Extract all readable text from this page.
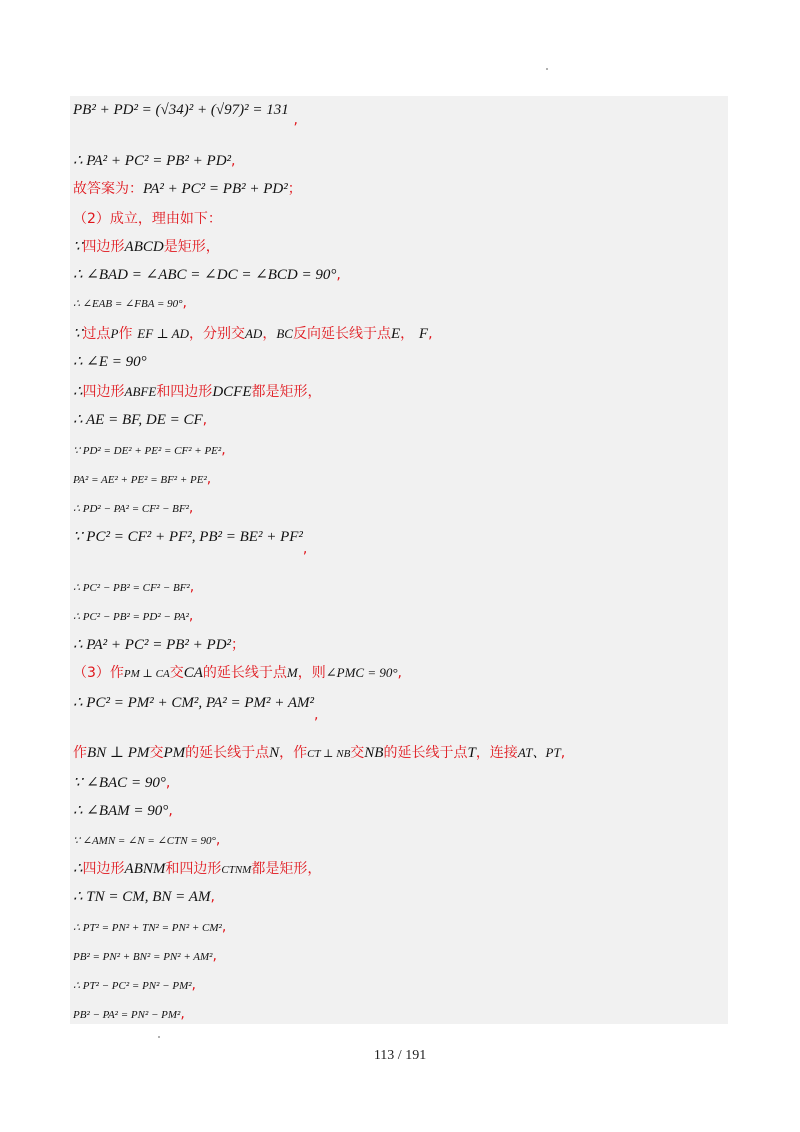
PB² + PD² = (√34)² + (√97)² = 131 ,
∴ PA² + PC² = PB² + PD²,
故答案为：PA² + PC² = PB² + PD²；
（2）成立，理由如下：
∵四边形ABCD是矩形，
∴ ∠BAD = ∠ABC = ∠DC = ∠BCD = 90°,
∴ ∠EAB = ∠FBA = 90°,
∵过点P作 EF ⊥ AD，分别交AD，BC反向延长线于点E， F,
∴ ∠E = 90°
∴四边形ABFE和四边形DCFE都是矩形，
∴ AE = BF, DE = CF,
∵ PD² = DE² + PE² = CF² + PE²,
PA² = AE² + PE² = BF² + PE²,
∴ PD² − PA² = CF² − BF²,
∵ PC² = CF² + PF², PB² = BE² + PF²,
∴ PC² − PB² = CF² − BF²,
∴ PC² − PB² = PD² − PA²,
∴ PA² + PC² = PB² + PD²；
（3）作PM ⊥ CA交CA的延长线于点M，则∠PMC = 90°,
∴ PC² = PM² + CM², PA² = PM² + AM²,
作BN ⊥ PM交PM的延长线于点N，作CT ⊥ NB交NB的延长线于点T，连接AT、PT,
∵ ∠BAC = 90°,
∴ ∠BAM = 90°,
∵ ∠AMN = ∠N = ∠CTN = 90°,
∴四边形ABNM和四边形CTNM都是矩形，
∴ TN = CM, BN = AM,
∴ PT² = PN² + TN² = PN² + CM²,
PB² = PN² + BN² = PN² + AM²,
∴ PT² − PC² = PN² − PM²,
PB² − PA² = PN² − PM²,
113 / 191
